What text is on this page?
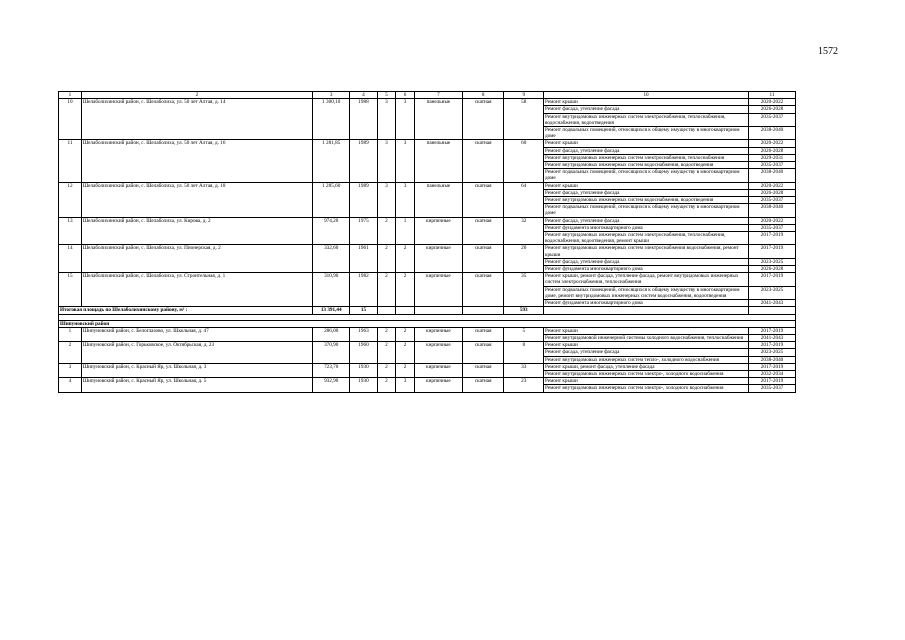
1572
1	2	3	4	5	6	7	8	9	10	11
10	Шелаболихинский район, с. Шелаболиха, ул. 50 лет Алтая, д. 14	1 300,10	1988	3	3	панельные	скатная	58	Ремонт крыши	2020-2022
									Ремонт фасада, утепление фасада	2026-2028
									Ремонт внутридомовых инженерных систем электроснабжения, теплоснабжения, водоснабжения, водоотведения	2035-2037
									Ремонт подвальных помещений, относящихся к общему имуществу в многоквартирном доме	2038-2040
11	Шелаболихинский район, с. Шелаболиха, ул. 50 лет Алтая, д. 16	1 281,85	1989	3	3	панельные	скатная	60	Ремонт крыши	2020-2022
									Ремонт фасада, утепление фасада	2026-2028
									Ремонт внутридомовых инженерных систем электроснабжения, теплоснабжения	2029-2031
									Ремонт внутридомовых инженерных систем водоснабжения, водоотведения	2035-2037
									Ремонт подвальных помещений, относящихся к общему имуществу в многоквартирном доме	2038-2040
12	Шелаболихинский район, с. Шелаболиха, ул. 50 лет Алтая, д. 18	1 285,60	1989	3	3	панельные	скатная	64	Ремонт крыши	2020-2022
									Ремонт фасада, утепление фасада	2026-2028
									Ремонт внутридомовых инженерных систем водоснабжения, водоотведения	2035-2037
									Ремонт подвальных помещений, относящихся к общему имуществу в многоквартирном доме	2038-2040
13	Шелаболихинский район, с. Шелаболиха, ул. Кирова, д. 2	974,20	1975	2	1	кирпичные	скатная	32	Ремонт фасада, утепление фасада	2020-2022
									Ремонт фундамента многоквартирного дома	2035-2037
									Ремонт внутридомовых инженерных систем электроснабжения, теплоснабжения, водоснабжения, водоотведения, ремонт крыши	2017-2019
14	Шелаболихинский район, с. Шелаболиха, ул. Пионерская, д. 2	332,60	1961	2	2	кирпичные	скатная	20	Ремонт внутридомовых инженерных систем электроснабжения водоснабжения, ремонт крыши	2017-2019
									Ремонт фасада, утепление фасада	2023-2025
									Ремонт фундамента многоквартирного дома	2026-2028
15	Шелаболихинский район, с. Шелаболиха, ул. Строительная, д. 1	310,90	1982	2	2	кирпичные	скатная	35	Ремонт крыши, ремонт фасада, утепление фасада, ремонт внутридомовых инженерных систем электроснабжения, теплоснабжения	2017-2019
									Ремонт подвальных помещений, относящихся к общему имуществу в многоквартирном доме, ремонт внутридомовых инженерных систем водоснабжения, водоотведения	2023-2025
									Ремонт фундамента многоквартирного дома	2041-2043
Итоговая площадь по Шелаболихинскому району, м² :		13 391,44	15					593		

Шипуновский район										
1	Шипуновский район, с. Белоглазово, ул. Школьная, д. 47	286,00	1963	2	2	кирпичные	скатная	5	Ремонт крыши	2017-2019
									Ремонт внутридомовой инженерной системы холодного водоснабжения, теплоснабжения	2041-2043
2	Шипуновский район, с. Горьковское, ул. Октябрьская, д. 23	370,90	1960	2	2	кирпичные	скатная	8	Ремонт крыши	2017-2019
									Ремонт фасада, утепление фасада	2023-2025
									Ремонт внутридомовых инженерных систем тепло-, холодного водоснабжения	2038-2040
3	Шипуновский район, с. Красный Яр, ул. Школьная, д. 3	723,70	1930	2	2	кирпичные	скатная	33	Ремонт крыши, ремонт фасада, утепление фасада	2017-2019
									Ремонт внутридомовых инженерных систем электро-, холодного водоснабжения	2032-2034
4	Шипуновский район, с. Красный Яр, ул. Школьная, д. 5	932,90	1930	2	3	кирпичные	скатная	23	Ремонт крыши	2017-2019
									Ремонт внутридомовых инженерных систем электро-, холодного водоснабжения	2035-2037
